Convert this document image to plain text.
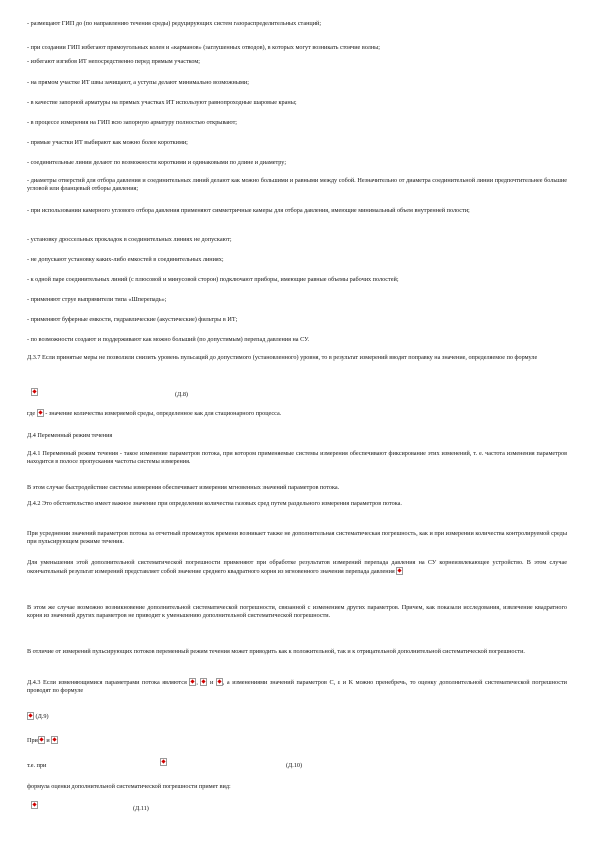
- размещают ГИП до (по направлению течения среды) редуцирующих систем газораспределительных станций;

- при создании ГИП избегают прямоугольных колен и «карманов» (заглушенных отводов), в которых могут возникать стоячие волны;

- избегают изгибов ИТ непосредственно перед прямым участком;

- на прямом участке ИТ швы зачищают, а уступы делают минимально возможными;

- в качестве запорной арматуры на прямых участках ИТ используют равнопроходные шаровые краны;

- в процессе измерения на ГИП всю запорную арматуру полностью открывают;

- прямые участки ИТ выбирают как можно более короткими;

- соединительные линии делают по возможности короткими и одинаковыми по длине и диаметру;

- диаметры отверстий для отбора давления и соединительных линий делают как можно большими и равными между собой. Незначительно от диаметра соединительной линии предпочтительнее большие угловой или фланцевый отборы давления;

- при использовании камерного углового отбора давления применяют симметричные камеры для отбора давления, имеющие минимальный объем внутренней полости;

- установку дроссельных прокладок в соединительных линиях не допускают;

- не допускают установку каких-либо емкостей в соединительных линиях;

- к одной паре соединительных линий (с плюсовой и минусовой сторон) подключают приборы, имеющие равные объемы рабочих полостей;

- применяют струе выпрямители типа «Шперепадь»;

- применяют буферные емкости, гидравлические (акустические) фильтры в ИТ;

- по возможности создают и поддерживают как можно больший (по допустимым) перепад давления на СУ.

Д.3.7 Если принятые меры не позволили снизить уровень пульсаций до допустимого (установленного) уровня, то в результат измерений вводят поправку на значение, определяемое по формуле

(Д.8)
где - значение количества измеряемой среды, определенное как для стационарного процесса.

Д.4 Переменный режим течения

Д.4.1 Переменный режим течения - такое изменение параметров потока, при котором применяемые системы измерения обеспечивают фиксирование этих изменений, т. е. частота изменения параметров находится в полосе пропускания частоты системы измерения.

В этом случае быстродействие системы измерения обеспечивает измерения мгновенных значений параметров потока.

Д.4.2 Это обстоятельство имеет важное значение при определении количества газовых сред путем раздельного измерения параметров потока.

При усреднении значений параметров потока за отчетный промежуток времени возникает также не дополнительная систематическая погрешность, как и при измерении количества контролируемой среды при пульсирующем режиме течения.

Для уменьшения этой дополнительной систематической погрешности применяют при обработке результатов измерений перепада давления на СУ корнеизвлекающее устройство. В этом случае окончательный результат измерений представляет собой значение среднего квадратного корня из мгновенного значения перепада давления

В этом же случае возможно возникновение дополнительной систематической погрешности, связанной с изменением других параметров. Причем, как показали исследования, извлечение квадратного корня из значений других параметров не приводит к уменьшению дополнительной систематической погрешности.

В отличие от измерений пульсирующих потоков переменный режим течения может приводить как к положительной, так и к отрицательной дополнительной систематической погрешности.

Д.4.3 Если изменяющимися параметрами потока являются , и , а изменениями значений параметров C, ε и K можно пренебречь, то оценку дополнительной систематической погрешности проводят по формуле

(Д.9)
При и
т.е. при	(Д.10)

формула оценки дополнительной систематической погрешности примет вид:

(Д.11)
